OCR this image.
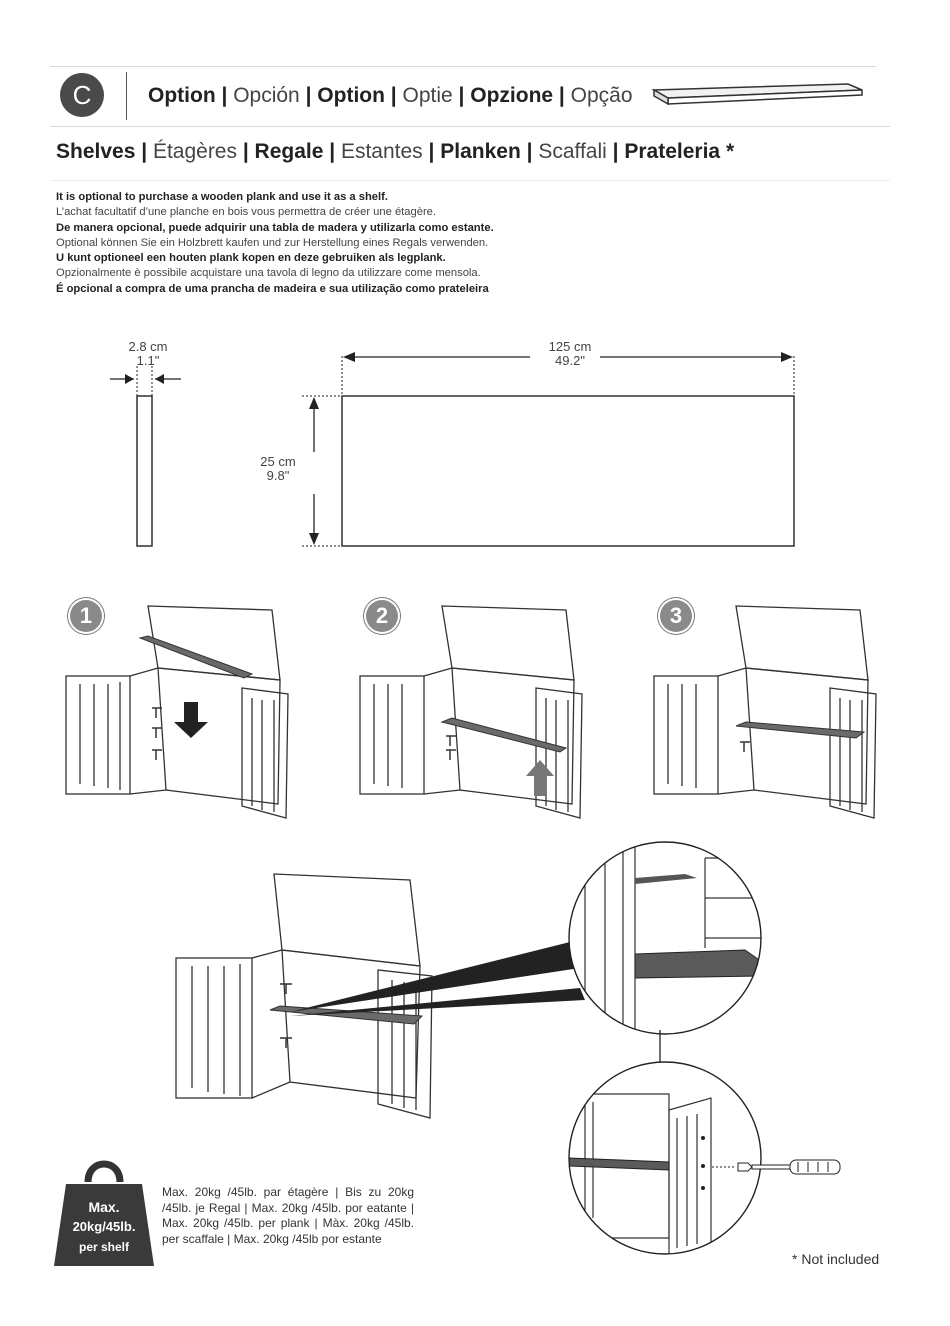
C	Option | Opción | Option | Optie | Opzione | Opção
Shelves | Étagères | Regale | Estantes | Planken | Scaffali | Prateleria *
It is optional to purchase a wooden plank and use it as a shelf.
L’achat facultatif d’une planche en bois vous permettra de créer une étagère.
De manera opcional, puede adquirir una tabla de madera y utilizarla como estante.
Optional können Sie ein Holzbrett kaufen und zur Herstellung eines Regals verwenden.
U kunt optioneel een houten plank kopen en deze gebruiken als legplank.
Opzionalmente è possibile acquistare una tavola di legno da utilizzare come mensola.
É opcional a compra de uma prancha de madeira e sua utilização como prateleira
2.8 cm
1.1"
125 cm
49.2"
25 cm
9.8"
1	2	3
Max.
20kg/45lb.
per shelf
Max. 20kg /45lb. par étagère | Bis zu 20kg /45lb. je Regal | Max. 20kg /45lb. por eatante | Max. 20kg /45lb. per plank | Màx. 20kg /45lb. per scaffale | Max. 20kg /45lb por estante
* Not included
